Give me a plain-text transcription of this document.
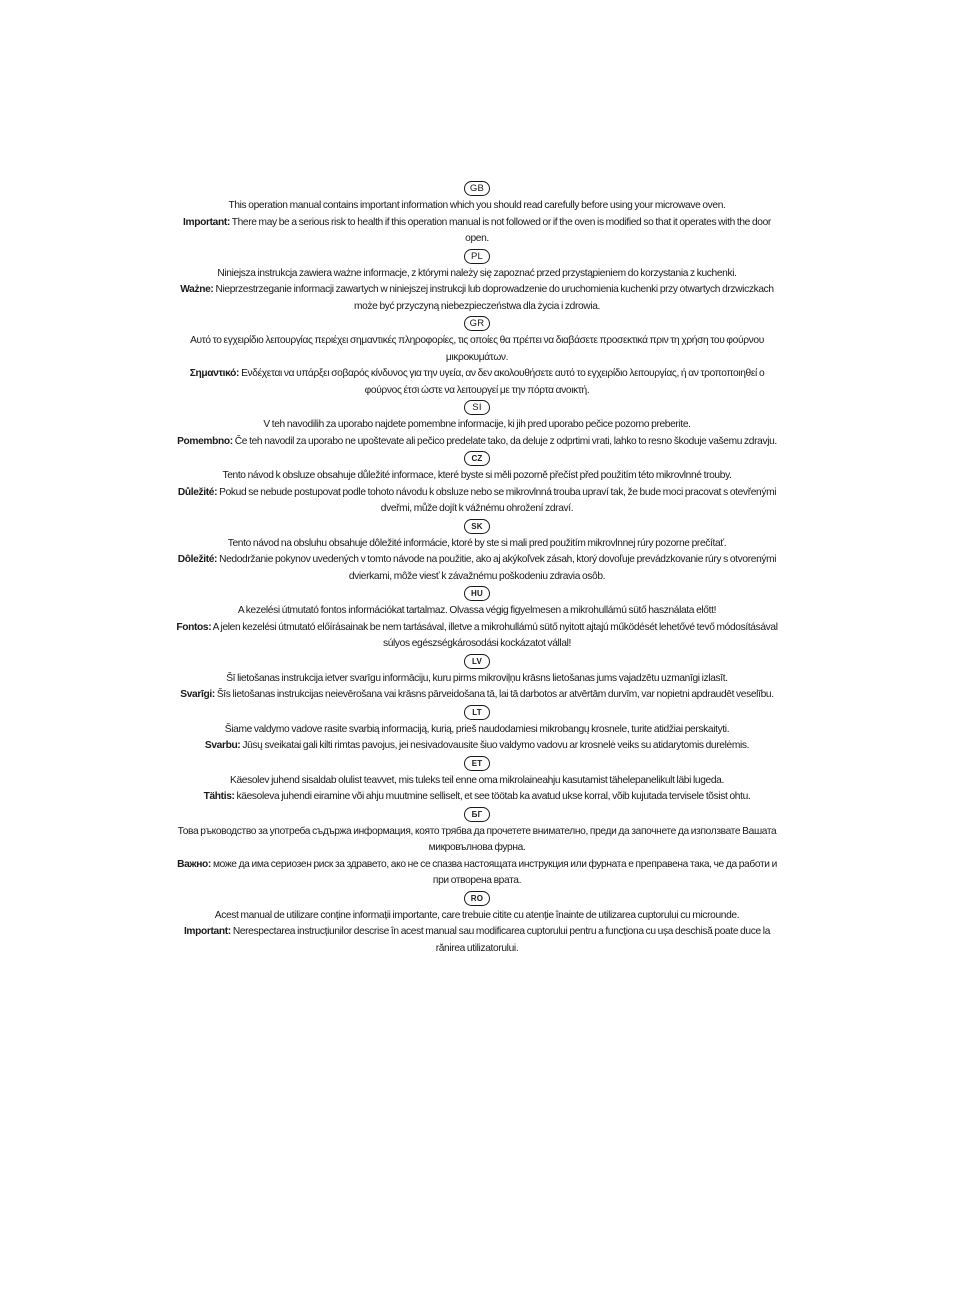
GB

This operation manual contains important information which you should read carefully before using your microwave oven.

Important: There may be a serious risk to health if this operation manual is not followed or if the oven is modified so that it operates with the door open.

PL

Niniejsza instrukcja zawiera ważne informacje, z którymi należy się zapoznać przed przystąpieniem do korzystania z kuchenki.

Ważne: Nieprzestrzeganie informacji zawartych w niniejszej instrukcji lub doprowadzenie do uruchomienia kuchenki przy otwartych drzwiczkach może być przyczyną niebezpieczeństwa dla życia i zdrowia.

GR

Αυτό το εγχειρίδιο λειτουργίας περιέχει σημαντικές πληροφορίες, τις οποίες θα πρέπει να διαβάσετε προσεκτικά πριν τη χρήση του φούρνου μικροκυμάτων.

Σημαντικό: Ενδέχεται να υπάρξει σοβαρός κίνδυνος για την υγεία, αν δεν ακολουθήσετε αυτό το εγχειρίδιο λειτουργίας, ή αν τροποποιηθεί ο φούρνος έτσι ώστε να λειτουργεί με την πόρτα ανοικτή.

SI

V teh navodilih za uporabo najdete pomembne informacije, ki jih pred uporabo pečice pozorno preberite.

Pomembno: Če teh navodil za uporabo ne upoštevate ali pečico predelate tako, da deluje z odprtimi vrati, lahko to resno škoduje vašemu zdravju.

CZ

Tento návod k obsluze obsahuje důležité informace, které byste si měli pozorně přečíst před použitím této mikrovlnné trouby.

Důležité: Pokud se nebude postupovat podle tohoto návodu k obsluze nebo se mikrovlnná trouba upraví tak, že bude moci pracovat s otevřenými dveřmi, může dojít k vážnému ohrožení zdraví.

SK

Tento návod na obsluhu obsahuje dôležité informácie, ktoré by ste si mali pred použitím mikrovlnnej rúry pozorne prečítať.

Dôležité: Nedodržanie pokynov uvedených v tomto návode na použitie, ako aj akýkoľvek zásah, ktorý dovoľuje prevádzkovanie rúry s otvorenými dvierkami, môže viesť k závažnému poškodeniu zdravia osôb.

HU

A kezelési útmutató fontos információkat tartalmaz. Olvassa végig figyelmesen a mikrohullámú sütő használata előtt!

Fontos: A jelen kezelési útmutató előírásainak be nem tartásával, illetve a mikrohullámú sütő nyitott ajtajú működését lehetővé tevő módosításával súlyos egészségkárosodási kockázatot vállal!

LV

Šī lietošanas instrukcija ietver svarīgu informāciju, kuru pirms mikroviļņu krāsns lietošanas jums vajadzētu uzmanīgi izlasīt.

Svarīgi: Šīs lietošanas instrukcijas neievērošana vai krāsns pārveidošana tā, lai tā darbotos ar atvērtām durvīm, var nopietni apdraudēt veselību.

LT

Šiame valdymo vadove rasite svarbią informaciją, kurią, prieš naudodamiesi mikrobangų krosnele, turite atidžiai perskaityti.

Svarbu: Jūsų sveikatai gali kilti rimtas pavojus, jei nesivadovausite šiuo valdymo vadovu ar krosnelė veiks su atidarytomis durelėmis.

ET

Käesolev juhend sisaldab olulist teavvet, mis tuleks teil enne oma mikrolaineahju kasutamist tähelepanelikult läbi lugeda.

Tähtis: käesoleva juhendi eiramine või ahju muutmine selliselt, et see töötab ka avatud ukse korral, võib kujutada tervisele tõsist ohtu.

БГ

Това ръководство за употреба съдържа информация, която трябва да прочетете внимателно, преди да започнете да използвате Вашата микровълнова фурна.

Важно: може да има сериозен риск за здравето, ако не се спазва настоящата инструкция или фурната е преправена така, че да работи и при отворена врата.

RO

Acest manual de utilizare conține informații importante, care trebuie citite cu atenție înainte de utilizarea cuptorului cu microunde.

Important: Nerespectarea instrucțiunilor descrise în acest manual sau modificarea cuptorului pentru a funcționa cu ușa deschisă poate duce la rănirea utilizatorului.
